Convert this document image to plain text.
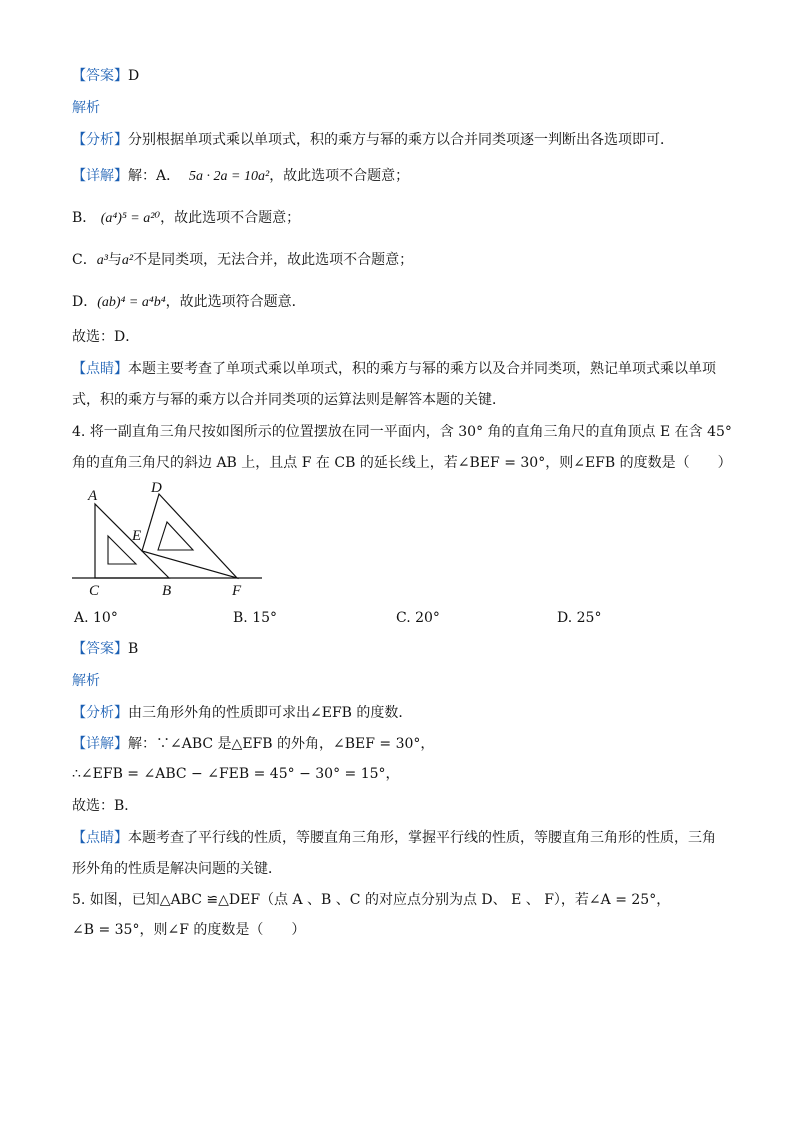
【答案】D
解析
【分析】分别根据单项式乘以单项式，积的乘方与幂的乘方以合并同类项逐一判断出各选项即可．
【详解】解：A． 5a · 2a = 10a²，故此选项不合题意；
B． (a⁴)⁵ = a²⁰，故此选项不合题意；
C．a³与a²不是同类项，无法合并，故此选项不合题意；
D．(ab)⁴ = a⁴b⁴，故此选项符合题意．
故选：D．
【点睛】本题主要考查了单项式乘以单项式，积的乘方与幂的乘方以及合并同类项，熟记单项式乘以单项
式，积的乘方与幂的乘方以合并同类项的运算法则是解答本题的关键．
4. 将一副直角三角尺按如图所示的位置摆放在同一平面内，含 30° 角的直角三角尺的直角顶点 E 在含 45°
角的直角三角尺的斜边 AB 上，且点 F 在 CB 的延长线上，若∠BEF = 30°，则∠EFB 的度数是（　　）
A	D
E
C	B	F
A. 10°	B. 15°	C. 20°	D. 25°
【答案】B
解析
【分析】由三角形外角的性质即可求出∠EFB 的度数．
【详解】解：∵∠ABC 是△EFB 的外角，∠BEF = 30°，
∴∠EFB = ∠ABC − ∠FEB = 45° − 30° = 15°，
故选：B．
【点睛】本题考查了平行线的性质，等腰直角三角形，掌握平行线的性质，等腰直角三角形的性质，三角
形外角的性质是解决问题的关键．
5. 如图，已知△ABC ≌△DEF（点 A 、B 、C 的对应点分别为点 D、 E 、 F），若∠A = 25°，
∠B = 35°，则∠F 的度数是（　　）
